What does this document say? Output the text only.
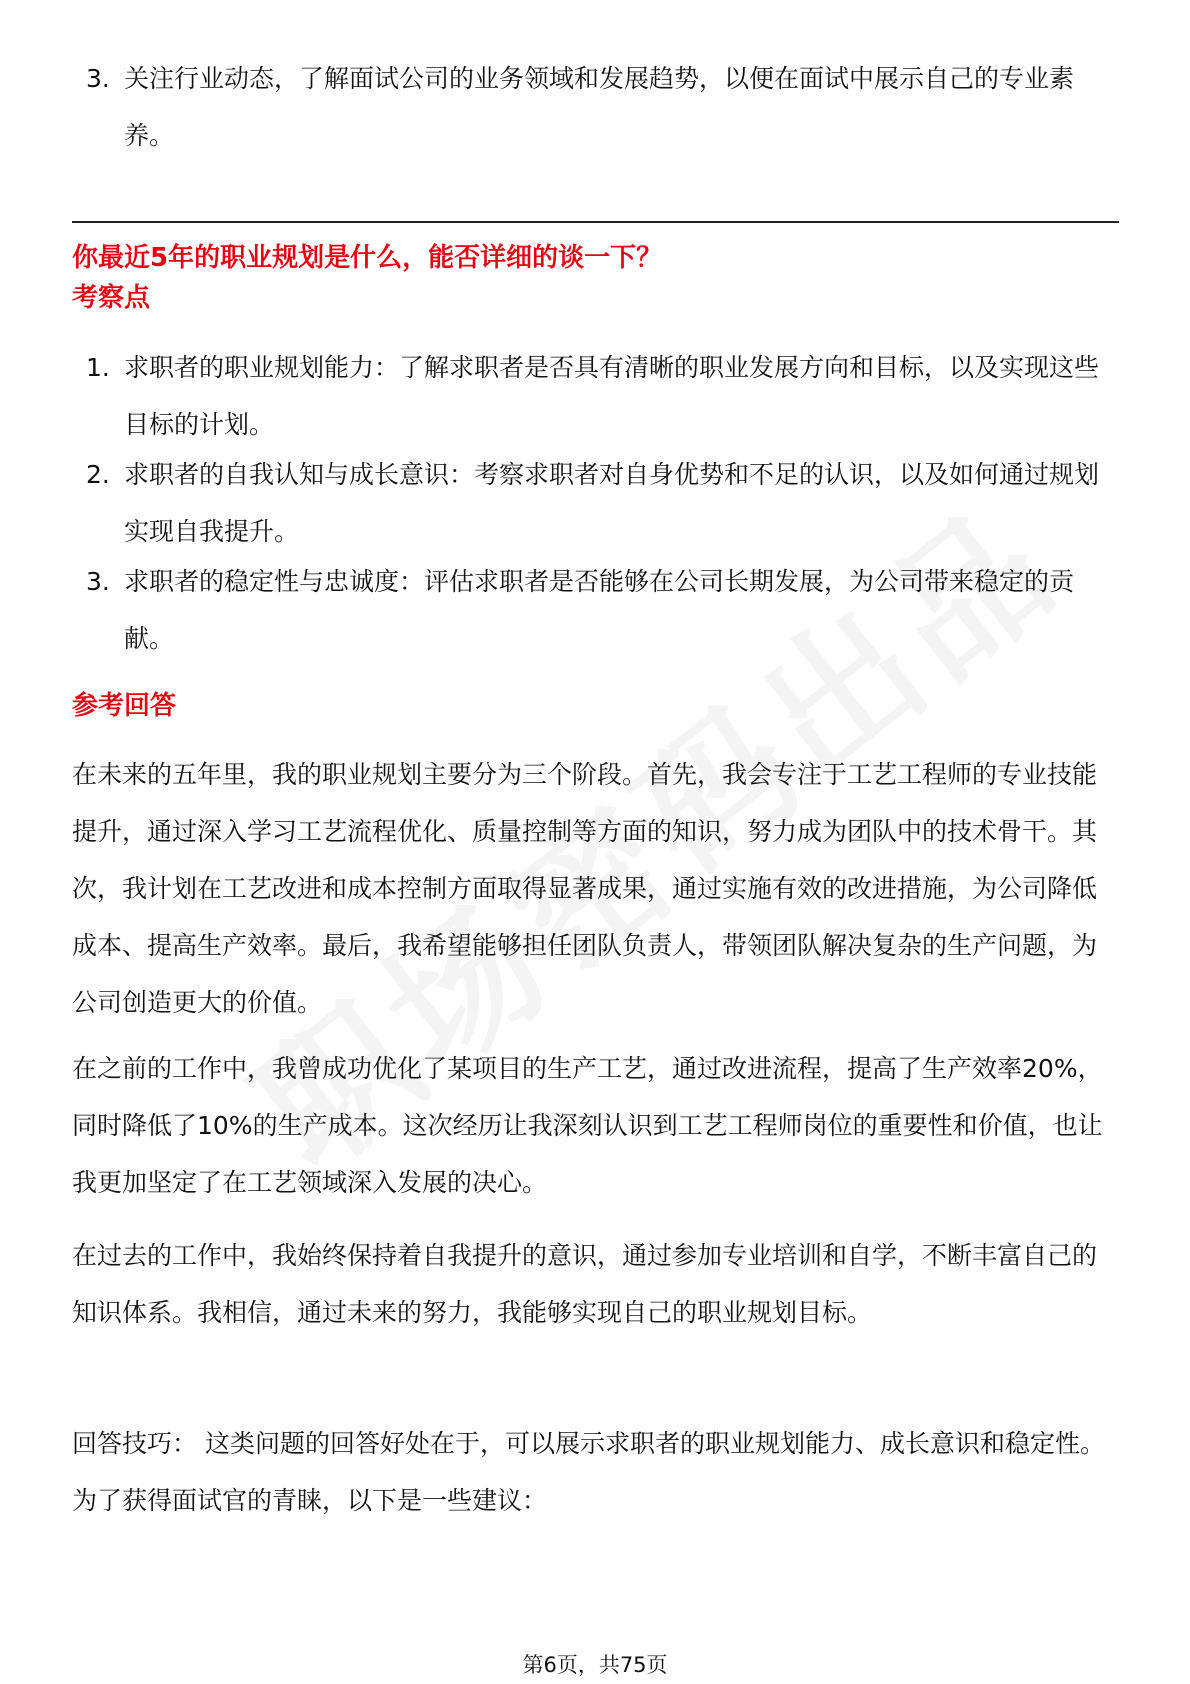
3. 关注行业动态，了解面试公司的业务领域和发展趋势，以便在面试中展示自己的专业素养。

你最近5年的职业规划是什么，能否详细的谈一下？

考察点

1. 求职者的职业规划能力：了解求职者是否具有清晰的职业发展方向和目标，以及实现这些目标的计划。

2. 求职者的自我认知与成长意识：考察求职者对自身优势和不足的认识，以及如何通过规划实现自我提升。

3. 求职者的稳定性与忠诚度：评估求职者是否能够在公司长期发展，为公司带来稳定的贡献。

参考回答

在未来的五年里，我的职业规划主要分为三个阶段。首先，我会专注于工艺工程师的专业技能提升，通过深入学习工艺流程优化、质量控制等方面的知识，努力成为团队中的技术骨干。其次，我计划在工艺改进和成本控制方面取得显著成果，通过实施有效的改进措施，为公司降低成本、提高生产效率。最后，我希望能够担任团队负责人，带领团队解决复杂的生产问题，为公司创造更大的价值。

在之前的工作中，我曾成功优化了某项目的生产工艺，通过改进流程，提高了生产效率20%，同时降低了10%的生产成本。这次经历让我深刻认识到工艺工程师岗位的重要性和价值，也让我更加坚定了在工艺领域深入发展的决心。

在过去的工作中，我始终保持着自我提升的意识，通过参加专业培训和自学，不断丰富自己的知识体系。我相信，通过未来的努力，我能够实现自己的职业规划目标。

回答技巧： 这类问题的回答好处在于，可以展示求职者的职业规划能力、成长意识和稳定性。为了获得面试官的青睐，以下是一些建议：

第6页，共75页
